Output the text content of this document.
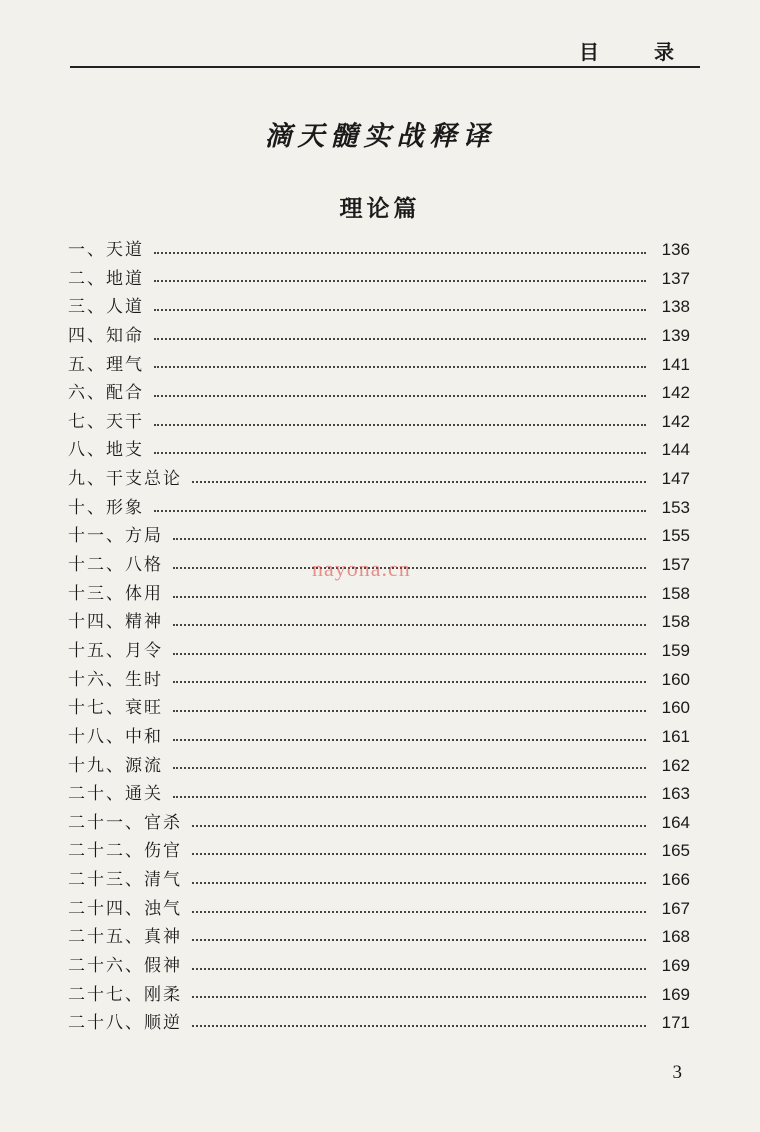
目 录
滴天髓实战释译
理论篇
一、天道	136
二、地道	137
三、人道	138
四、知命	139
五、理气	141
六、配合	142
七、天干	142
八、地支	144
九、干支总论	147
十、形象	153
十一、方局	155
十二、八格	157
十三、体用	158
十四、精神	158
十五、月令	159
十六、生时	160
十七、衰旺	160
十八、中和	161
十九、源流	162
二十、通关	163
二十一、官杀	164
二十二、伤官	165
二十三、清气	166
二十四、浊气	167
二十五、真神	168
二十六、假神	169
二十七、刚柔	169
二十八、顺逆	171
nayona.cn
3
